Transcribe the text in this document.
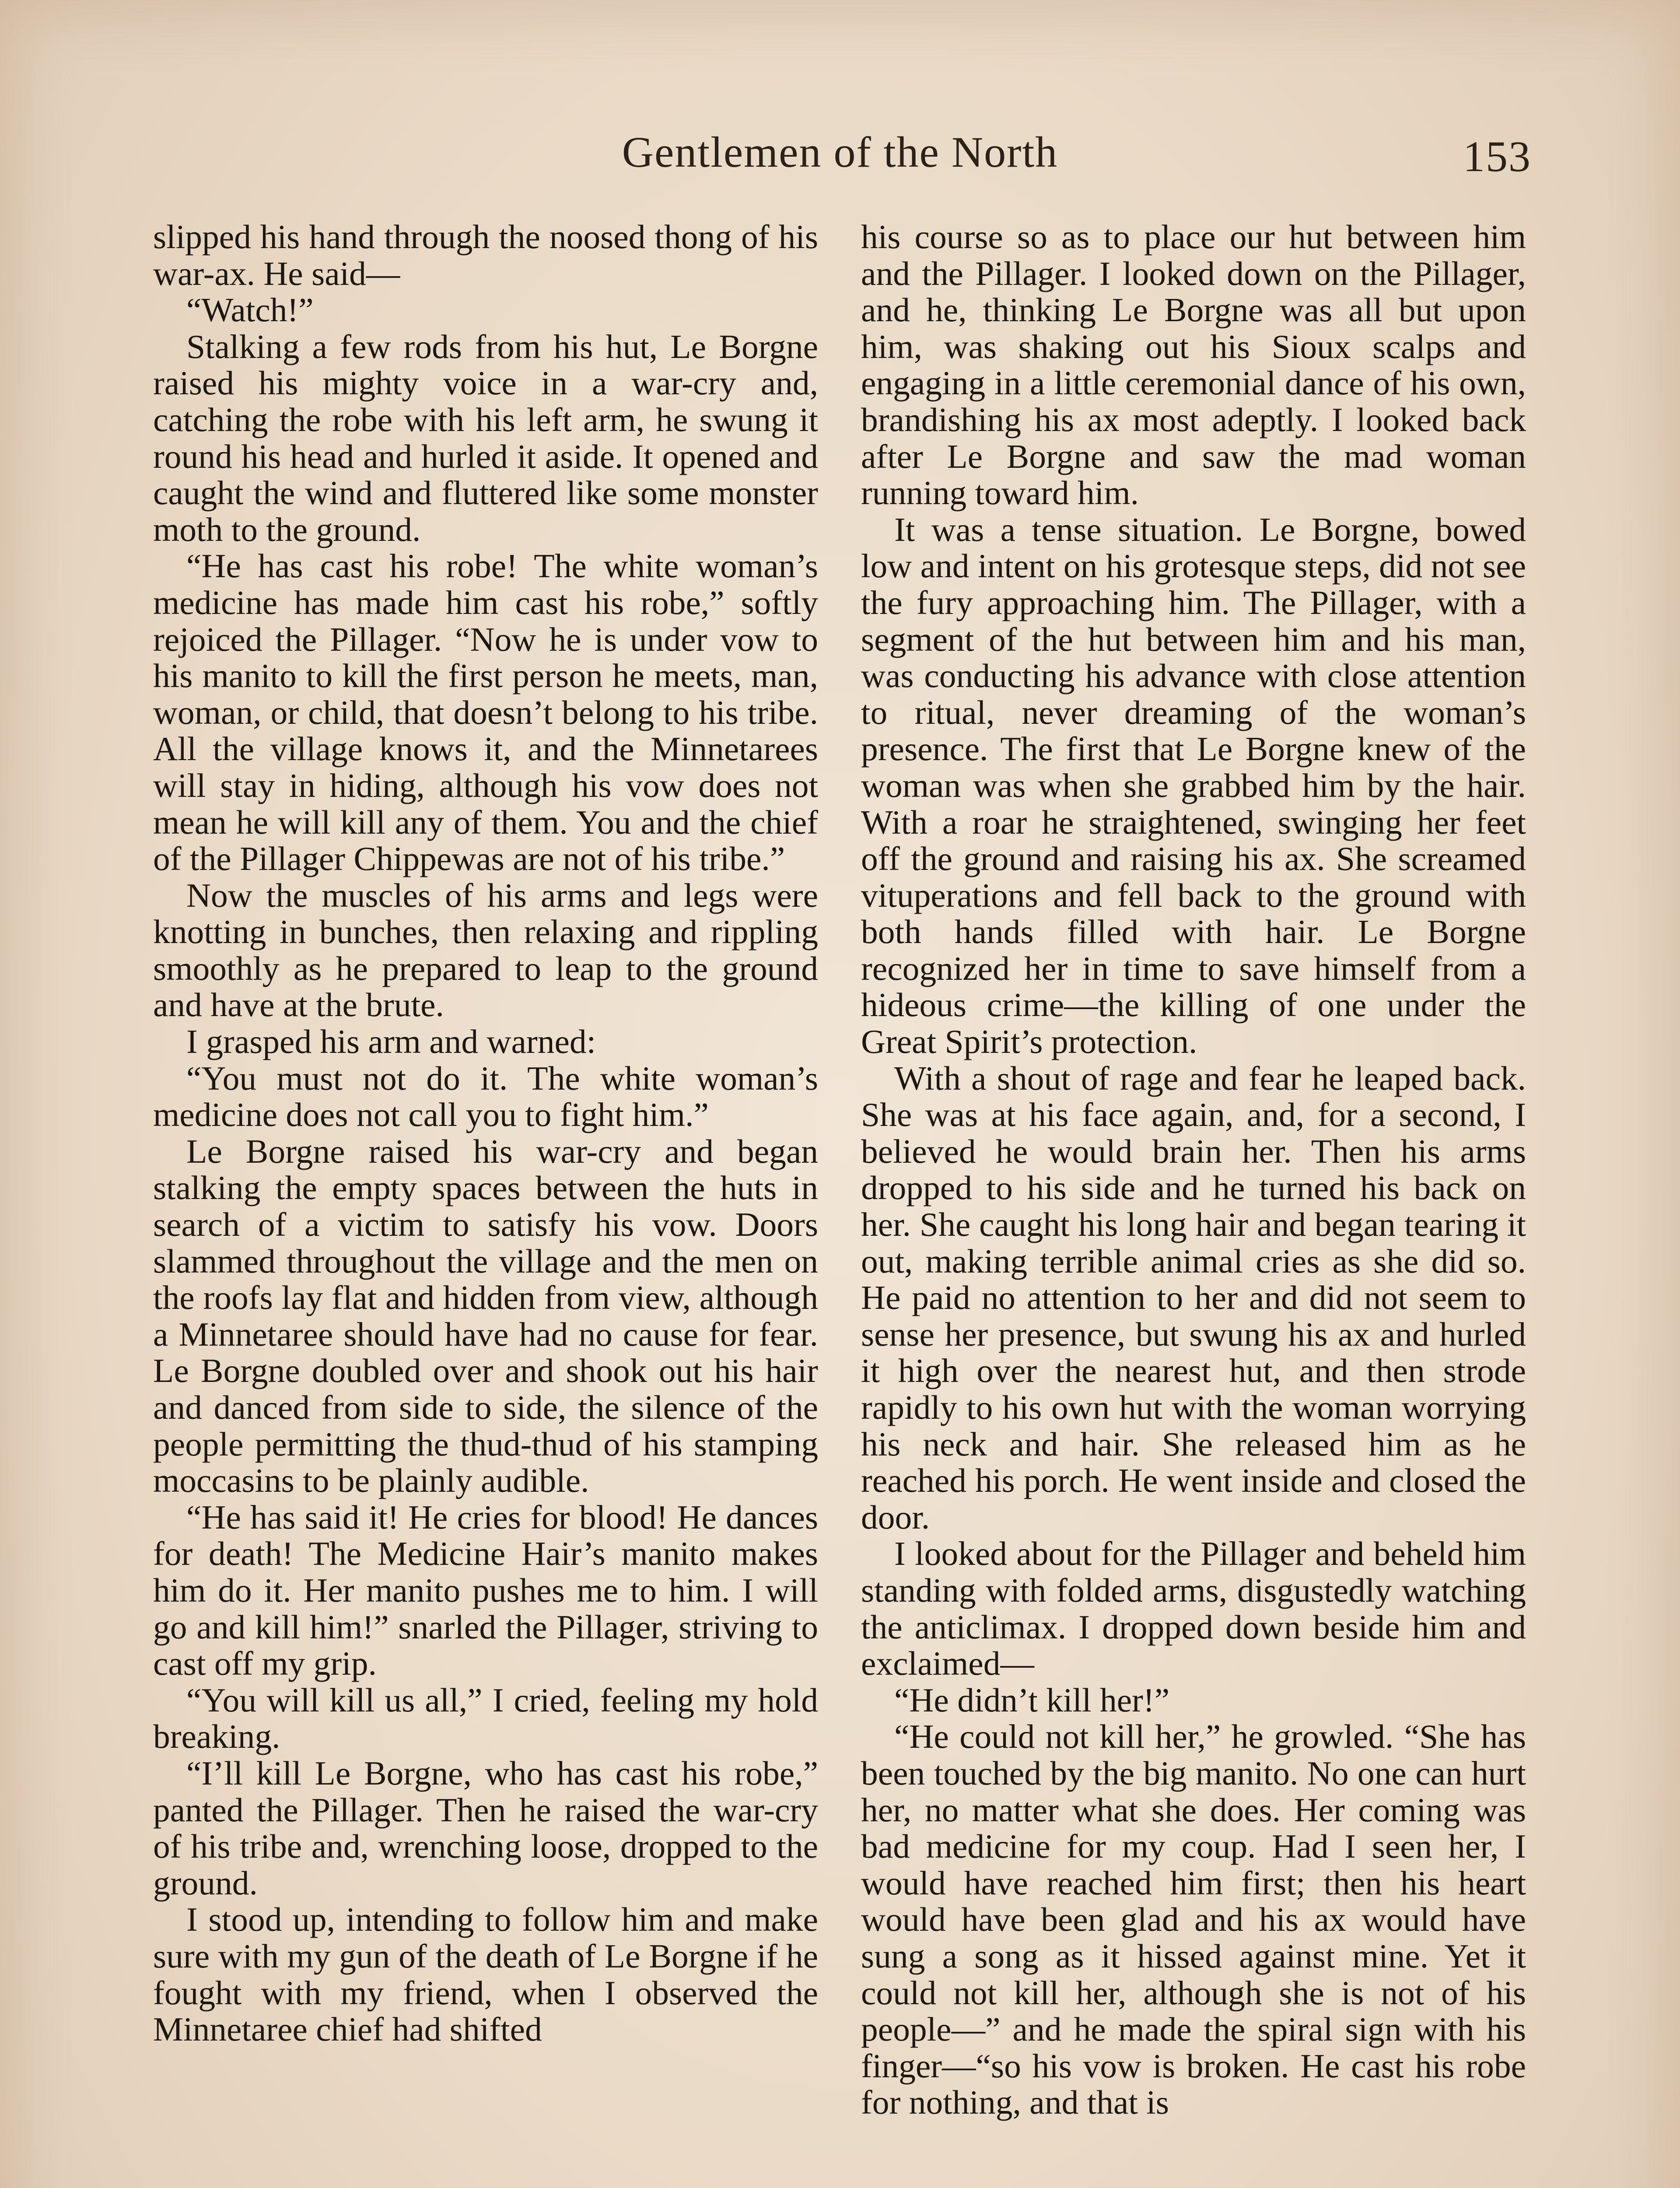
Gentlemen of the North	153

slipped his hand through the noosed thong of his war-ax. He said—

“Watch!”

Stalking a few rods from his hut, Le Borgne raised his mighty voice in a war-cry and, catching the robe with his left arm, he swung it round his head and hurled it aside. It opened and caught the wind and fluttered like some monster moth to the ground.

“He has cast his robe! The white woman’s medicine has made him cast his robe,” softly rejoiced the Pillager. “Now he is under vow to his manito to kill the first person he meets, man, woman, or child, that doesn’t belong to his tribe. All the village knows it, and the Minnetarees will stay in hiding, although his vow does not mean he will kill any of them. You and the chief of the Pillager Chippewas are not of his tribe.”

Now the muscles of his arms and legs were knotting in bunches, then relaxing and rippling smoothly as he prepared to leap to the ground and have at the brute.

I grasped his arm and warned:

“You must not do it. The white woman’s medicine does not call you to fight him.”

Le Borgne raised his war-cry and began stalking the empty spaces between the huts in search of a victim to satisfy his vow. Doors slammed throughout the village and the men on the roofs lay flat and hidden from view, although a Minnetaree should have had no cause for fear. Le Borgne doubled over and shook out his hair and danced from side to side, the silence of the people permitting the thud-thud of his stamping moccasins to be plainly audible.

“He has said it! He cries for blood! He dances for death! The Medicine Hair’s manito makes him do it. Her manito pushes me to him. I will go and kill him!” snarled the Pillager, striving to cast off my grip.

“You will kill us all,” I cried, feeling my hold breaking.

“I’ll kill Le Borgne, who has cast his robe,” panted the Pillager. Then he raised the war-cry of his tribe and, wrenching loose, dropped to the ground.

I stood up, intending to follow him and make sure with my gun of the death of Le Borgne if he fought with my friend, when I observed the Minnetaree chief had shifted

his course so as to place our hut between him and the Pillager. I looked down on the Pillager, and he, thinking Le Borgne was all but upon him, was shaking out his Sioux scalps and engaging in a little ceremonial dance of his own, brandishing his ax most adeptly. I looked back after Le Borgne and saw the mad woman running toward him.

It was a tense situation. Le Borgne, bowed low and intent on his grotesque steps, did not see the fury approaching him. The Pillager, with a segment of the hut between him and his man, was conducting his advance with close attention to ritual, never dreaming of the woman’s presence. The first that Le Borgne knew of the woman was when she grabbed him by the hair. With a roar he straightened, swinging her feet off the ground and raising his ax. She screamed vituperations and fell back to the ground with both hands filled with hair. Le Borgne recognized her in time to save himself from a hideous crime—the killing of one under the Great Spirit’s protection.

With a shout of rage and fear he leaped back. She was at his face again, and, for a second, I believed he would brain her. Then his arms dropped to his side and he turned his back on her. She caught his long hair and began tearing it out, making terrible animal cries as she did so. He paid no attention to her and did not seem to sense her presence, but swung his ax and hurled it high over the nearest hut, and then strode rapidly to his own hut with the woman worrying his neck and hair. She released him as he reached his porch. He went inside and closed the door.

I looked about for the Pillager and beheld him standing with folded arms, disgustedly watching the anticlimax. I dropped down beside him and exclaimed—

“He didn’t kill her!”

“He could not kill her,” he growled. “She has been touched by the big manito. No one can hurt her, no matter what she does. Her coming was bad medicine for my coup. Had I seen her, I would have reached him first; then his heart would have been glad and his ax would have sung a song as it hissed against mine. Yet it could not kill her, although she is not of his people—” and he made the spiral sign with his finger—“so his vow is broken. He cast his robe for nothing, and that is
